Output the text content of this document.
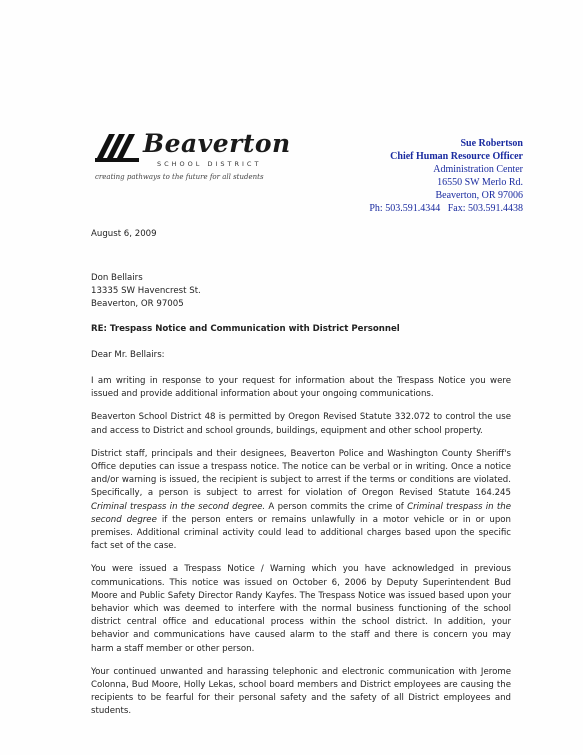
Beaverton
SCHOOL DISTRICT
creating pathways to the future for all students
Sue Robertson
Chief Human Resource Officer
Administration Center
16550 SW Merlo Rd.
Beaverton, OR 97006
Ph: 503.591.4344   Fax: 503.591.4438

August 6, 2009

Don Bellairs

13335 SW Havencrest St.

Beaverton, OR 97005

RE: Trespass Notice and Communication with District Personnel

Dear Mr. Bellairs:

I am writing in response to your request for information about the Trespass Notice you were issued and provide additional information about your ongoing communications.

Beaverton School District 48 is permitted by Oregon Revised Statute 332.072 to control the use and access to District and school grounds, buildings, equipment and other school property.

District staff, principals and their designees, Beaverton Police and Washington County Sheriff's Office deputies can issue a trespass notice. The notice can be verbal or in writing. Once a notice and/or warning is issued, the recipient is subject to arrest if the terms or conditions are violated. Specifically, a person is subject to arrest for violation of Oregon Revised Statute 164.245 Criminal trespass in the second degree. A person commits the crime of Criminal trespass in the second degree if the person enters or remains unlawfully in a motor vehicle or in or upon premises. Additional criminal activity could lead to additional charges based upon the specific fact set of the case.

You were issued a Trespass Notice / Warning which you have acknowledged in previous communications. This notice was issued on October 6, 2006 by Deputy Superintendent Bud Moore and Public Safety Director Randy Kayfes. The Trespass Notice was issued based upon your behavior which was deemed to interfere with the normal business functioning of the school district central office and educational process within the school district. In addition, your behavior and communications have caused alarm to the staff and there is concern you may harm a staff member or other person.

Your continued unwanted and harassing telephonic and electronic communication with Jerome Colonna, Bud Moore, Holly Lekas, school board members and District employees are causing the recipients to be fearful for their personal safety and the safety of all District employees and students.
